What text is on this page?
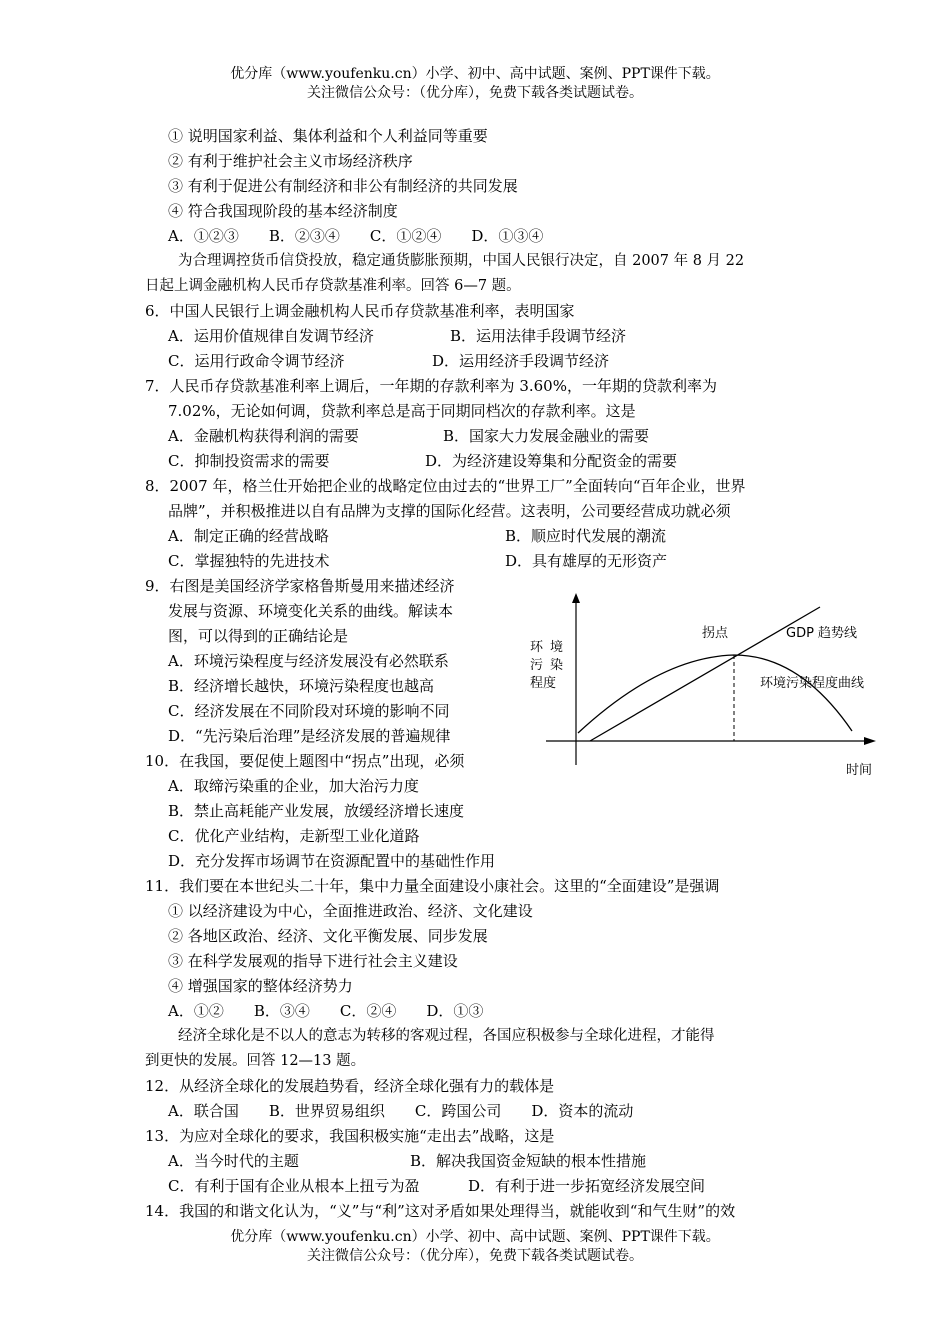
优分库（www.youfenku.cn）小学、初中、高中试题、案例、PPT课件下载。
关注微信公众号：（优分库），免费下载各类试题试卷。
① 说明国家利益、集体利益和个人利益同等重要
② 有利于维护社会主义市场经济秩序
③ 有利于促进公有制经济和非公有制经济的共同发展
④ 符合我国现阶段的基本经济制度
A．①②③　　B．②③④　　C．①②④　　D．①③④
为合理调控货币信贷投放，稳定通货膨胀预期，中国人民银行决定，自 2007 年 8 月 22
日起上调金融机构人民币存贷款基准利率。回答 6—7 题。
6．中国人民银行上调金融机构人民币存贷款基准利率，表明国家
A．运用价值规律自发调节经济	B．运用法律手段调节经济
C．运用行政命令调节经济	D．运用经济手段调节经济
7．人民币存贷款基准利率上调后，一年期的存款利率为 3.60%，一年期的贷款利率为
7.02%，无论如何调，贷款利率总是高于同期同档次的存款利率。这是
A．金融机构获得利润的需要	B．国家大力发展金融业的需要
C．抑制投资需求的需要	D．为经济建设筹集和分配资金的需要
8．2007 年，格兰仕开始把企业的战略定位由过去的“世界工厂”全面转向“百年企业，世界
品牌”，并积极推进以自有品牌为支撑的国际化经营。这表明，公司要经营成功就必须
A．制定正确的经营战略	B．顺应时代发展的潮流
C．掌握独特的先进技术	D．具有雄厚的无形资产
9．右图是美国经济学家格鲁斯曼用来描述经济
发展与资源、环境变化关系的曲线。解读本
图，可以得到的正确结论是
A．环境污染程度与经济发展没有必然联系
B．经济增长越快，环境污染程度也越高
C．经济发展在不同阶段对环境的影响不同
D．“先污染后治理”是经济发展的普遍规律
环 境
污 染
程度
时间
拐点	GDP 趋势线
环境污染程度曲线
10．在我国，要促使上题图中“拐点”出现，必须
A．取缔污染重的企业，加大治污力度
B．禁止高耗能产业发展，放缓经济增长速度
C．优化产业结构，走新型工业化道路
D．充分发挥市场调节在资源配置中的基础性作用
11．我们要在本世纪头二十年，集中力量全面建设小康社会。这里的“全面建设”是强调
① 以经济建设为中心，全面推进政治、经济、文化建设
② 各地区政治、经济、文化平衡发展、同步发展
③ 在科学发展观的指导下进行社会主义建设
④ 增强国家的整体经济势力
A．①②　　B．③④　　C．②④　　D．①③
经济全球化是不以人的意志为转移的客观过程，各国应积极参与全球化进程，才能得
到更快的发展。回答 12—13 题。
12．从经济全球化的发展趋势看，经济全球化强有力的载体是
A．联合国　　B．世界贸易组织　　C．跨国公司　　D．资本的流动
13．为应对全球化的要求，我国积极实施“走出去”战略，这是
A．当今时代的主题	B．解决我国资金短缺的根本性措施
C．有利于国有企业从根本上扭亏为盈	D．有利于进一步拓宽经济发展空间
14．我国的和谐文化认为，“义”与“利”这对矛盾如果处理得当，就能收到“和气生财”的效
优分库（www.youfenku.cn）小学、初中、高中试题、案例、PPT课件下载。
关注微信公众号：（优分库），免费下载各类试题试卷。
